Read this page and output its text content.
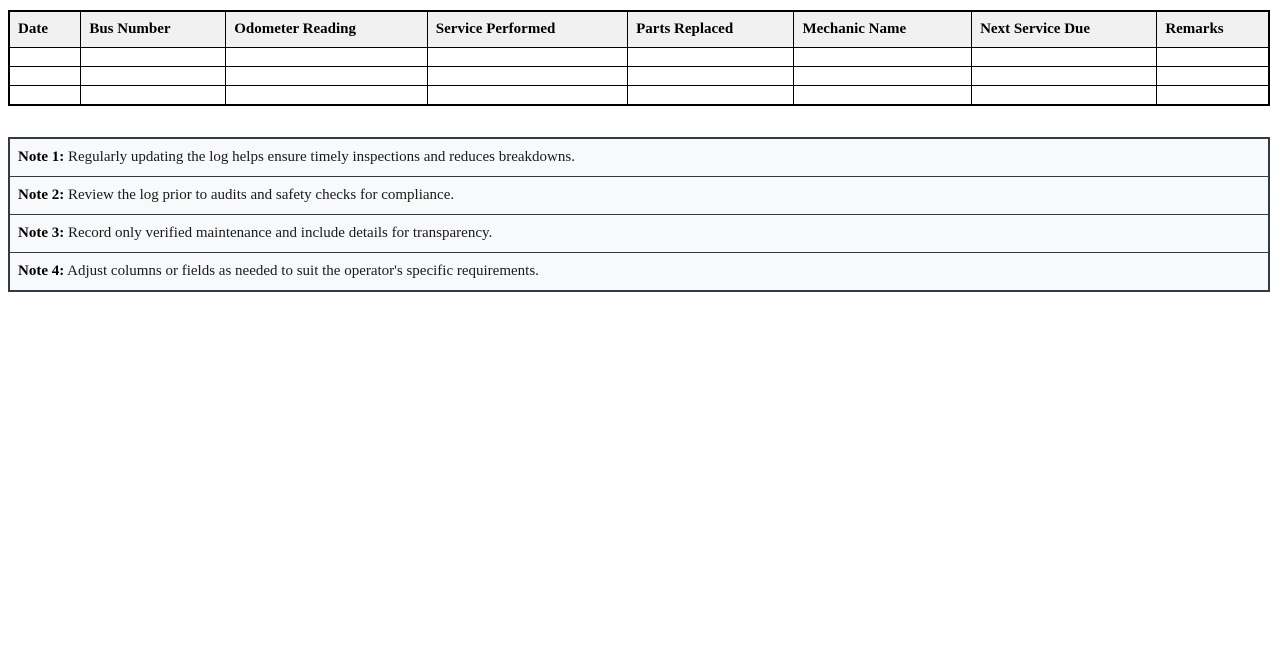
Date	Bus Number	Odometer Reading	Service Performed	Parts Replaced	Mechanic Name	Next Service Due	Remarks

Note 1: Regularly updating the log helps ensure timely inspections and reduces breakdowns.
Note 2: Review the log prior to audits and safety checks for compliance.
Note 3: Record only verified maintenance and include details for transparency.
Note 4: Adjust columns or fields as needed to suit the operator's specific requirements.
